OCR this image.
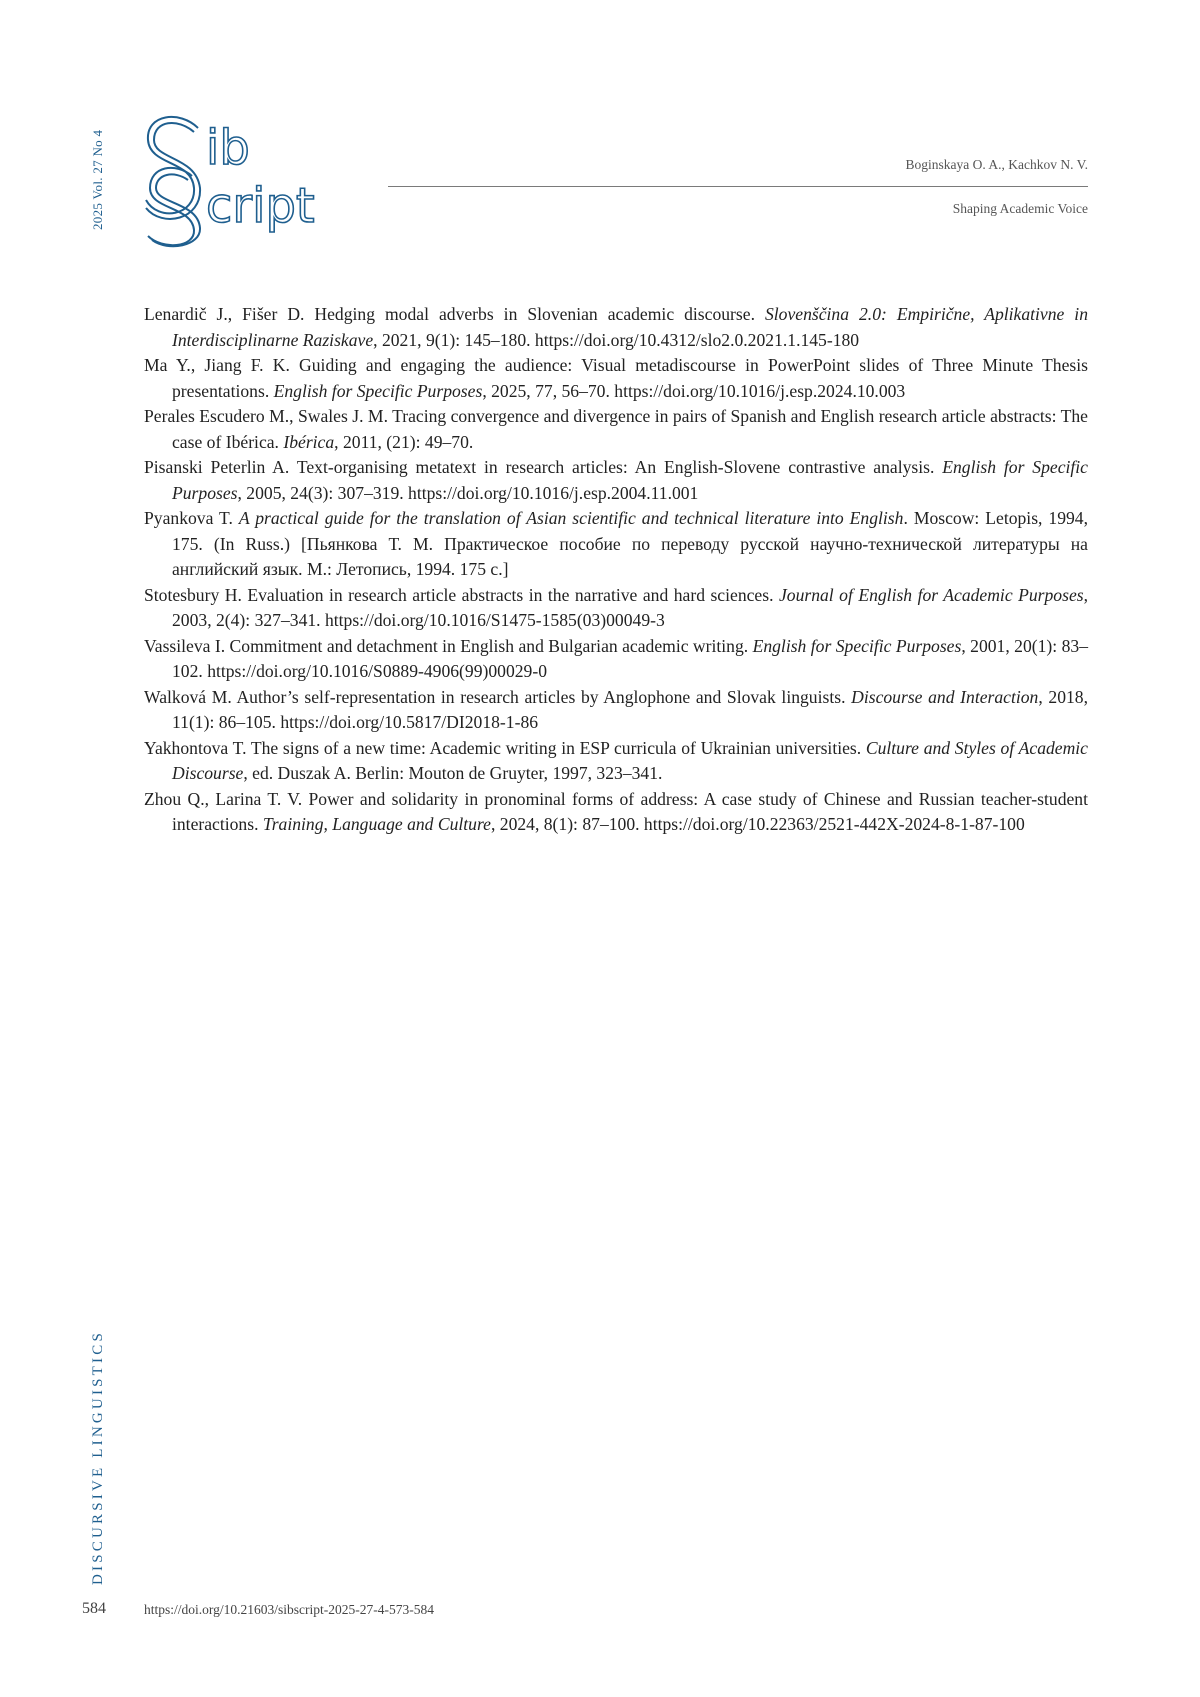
2025 Vol. 27 No 4 ib
cript
Boginskaya O. A., Kachkov N. V.
Shaping Academic Voice

Lenardič J., Fišer D. Hedging modal adverbs in Slovenian academic discourse. Slovenščina 2.0: Empirične, Aplikativne in Interdisciplinarne Raziskave, 2021, 9(1): 145–180. https://doi.org/10.4312/slo2.0.2021.1.145-180

Ma Y., Jiang F. K. Guiding and engaging the audience: Visual metadiscourse in PowerPoint slides of Three Minute Thesis presentations. English for Specific Purposes, 2025, 77, 56–70. https://doi.org/10.1016/j.esp.2024.10.003

Perales Escudero M., Swales J. M. Tracing convergence and divergence in pairs of Spanish and English research article abstracts: The case of Ibérica. Ibérica, 2011, (21): 49–70.

Pisanski Peterlin A. Text-organising metatext in research articles: An English-Slovene contrastive analysis. English for Specific Purposes, 2005, 24(3): 307–319. https://doi.org/10.1016/j.esp.2004.11.001

Pyankova T. A practical guide for the translation of Asian scientific and technical literature into English. Moscow: Letopis, 1994, 175. (In Russ.) [Пьянкова Т. М. Практическое пособие по переводу русской научно-технической литературы на английский язык. М.: Летопись, 1994. 175 с.]

Stotesbury H. Evaluation in research article abstracts in the narrative and hard sciences. Journal of English for Academic Purposes, 2003, 2(4): 327–341. https://doi.org/10.1016/S1475-1585(03)00049-3

Vassileva I. Commitment and detachment in English and Bulgarian academic writing. English for Specific Purposes, 2001, 20(1): 83–102. https://doi.org/10.1016/S0889-4906(99)00029-0

Walková M. Author’s self-representation in research articles by Anglophone and Slovak linguists. Discourse and Interaction, 2018, 11(1): 86–105. https://doi.org/10.5817/DI2018-1-86

Yakhontova T. The signs of a new time: Academic writing in ESP curricula of Ukrainian universities. Culture and Styles of Academic Discourse, ed. Duszak A. Berlin: Mouton de Gruyter, 1997, 323–341.

Zhou Q., Larina T. V. Power and solidarity in pronominal forms of address: A case study of Chinese and Russian teacher-student interactions. Training, Language and Culture, 2024, 8(1): 87–100. https://doi.org/10.22363/2521-442X-2024-8-1-87-100

DISCURSIVE LINGUISTICS
584	https://doi.org/10.21603/sibscript-2025-27-4-573-584
